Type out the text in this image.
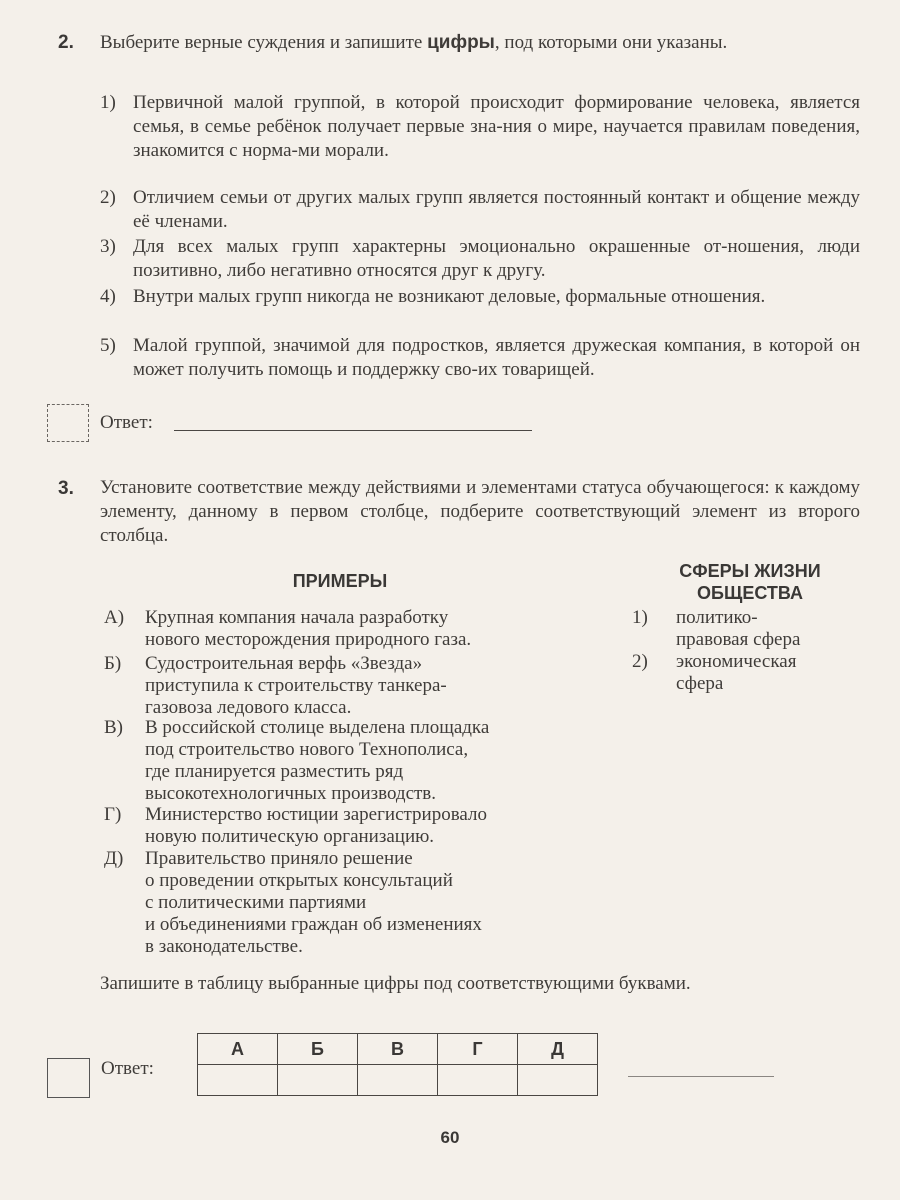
2. Выберите верные суждения и запишите цифры, под которыми они указаны.
1) Первичной малой группой, в которой происходит формирование человека, является семья, в семье ребёнок получает первые зна-ния о мире, научается правилам поведения, знакомится с норма-ми морали.
2) Отличием семьи от других малых групп является постоянный контакт и общение между её членами.
3) Для всех малых групп характерны эмоционально окрашенные от-ношения, люди позитивно, либо негативно относятся друг к другу.
4) Внутри малых групп никогда не возникают деловые, формальные отношения.
5) Малой группой, значимой для подростков, является дружеская компания, в которой он может получить помощь и поддержку сво-их товарищей.
Ответ:
3. Установите соответствие между действиями и элементами статуса обучающегося: к каждому элементу, данному в первом столбце, подберите соответствующий элемент из второго столбца.
ПРИМЕРЫ	СФЕРЫ ЖИЗНИ
ОБЩЕСТВА
А) Крупная компания начала разработку
нового месторождения природного газа.
Б) Судостроительная верфь «Звезда»
приступила к строительству танкера-
газовоза ледового класса.
В) В российской столице выделена площадка
под строительство нового Технополиса,
где планируется разместить ряд
высокотехнологичных производств.
Г) Министерство юстиции зарегистрировало
новую политическую организацию.
Д) Правительство приняло решение
о проведении открытых консультаций
с политическими партиями
и объединениями граждан об изменениях
в законодательстве.
1) политико-
правовая сфера
2) экономическая
сфера
Запишите в таблицу выбранные цифры под соответствующими буквами.
Ответ:
А	Б	В	Г	Д

60
